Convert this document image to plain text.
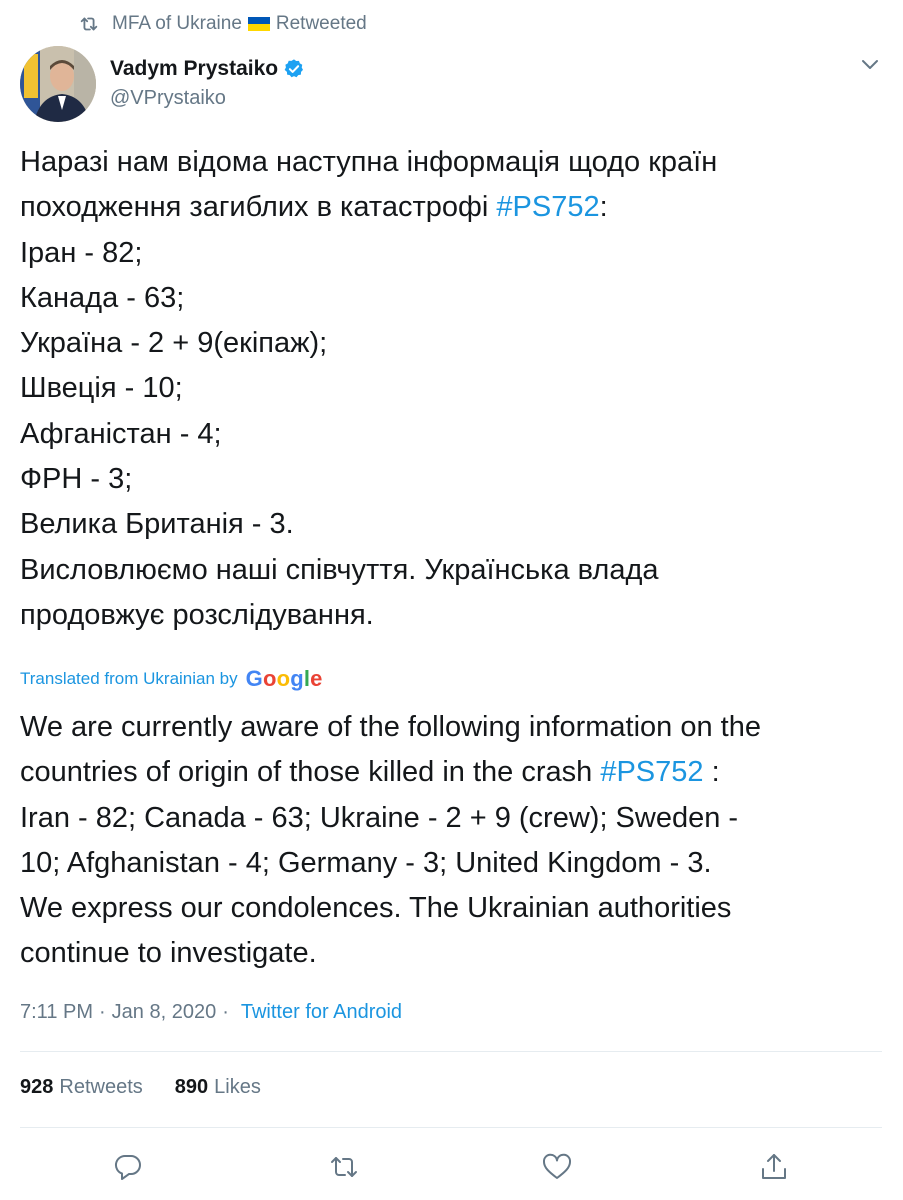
MFA of Ukraine Retweeted
Vadym Prystaiko
@VPrystaiko
Наразі нам відома наступна інформація щодо країн
походження загиблих в катастрофі #PS752:
Іран - 82;
Канада - 63;
Україна - 2 + 9(екіпаж);
Швеція - 10;
Афганістан - 4;
ФРН - 3;
Велика Британія - 3.
Висловлюємо наші співчуття. Українська влада
продовжує розслідування.
Translated from Ukrainian by Google
We are currently aware of the following information on the
countries of origin of those killed in the crash #PS752 :
Iran - 82; Canada - 63; Ukraine - 2 + 9 (crew); Sweden -
10; Afghanistan - 4; Germany - 3; United Kingdom - 3.
We express our condolences. The Ukrainian authorities
continue to investigate.
7:11 PM · Jan 8, 2020 · Twitter for Android
928 Retweets 890 Likes
